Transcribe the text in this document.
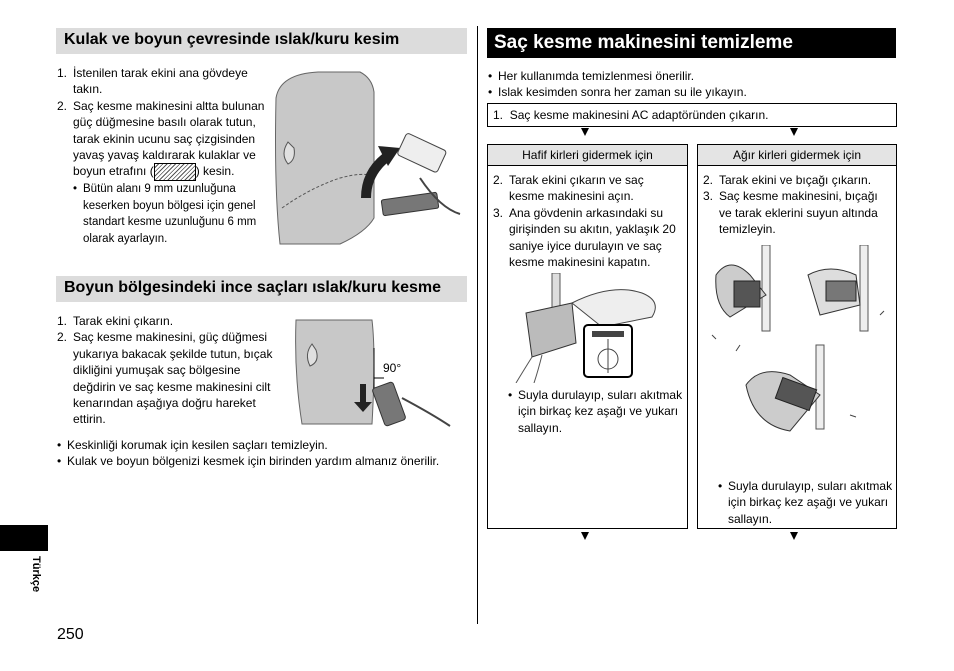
Kulak ve boyun çevresinde ıslak/kuru kesim
1. İstenilen tarak ekini ana gövdeye takın.
2. Saç kesme makinesini altta bulunan güç düğmesine basılı olarak tutun, tarak ekinin ucunu saç çizgisinden yavaş yavaş kaldırarak kulaklar ve boyun etrafını (	) kesin.
• Bütün alanı 9 mm uzunluğuna keserken boyun bölgesi için genel standart kesme uzunluğunu 6 mm olarak ayarlayın.
Boyun bölgesindeki ince saçları ıslak/kuru kesme
1. Tarak ekini çıkarın.
2. Saç kesme makinesini, güç düğmesi yukarıya bakacak şekilde tutun, bıçak dikliğini yumuşak saç bölgesine değdirin ve saç kesme makinesini cilt kenarından aşağıya doğru hareket ettirin.
90°
• Keskinliği korumak için kesilen saçları temizleyin.
• Kulak ve boyun bölgenizi kesmek için birinden yardım almanız önerilir.
Saç kesme makinesini temizleme
• Her kullanımda temizlenmesi önerilir.
• Islak kesimden sonra her zaman su ile yıkayın.
1. Saç kesme makinesini AC adaptöründen çıkarın.
Hafif kirleri gidermek için
2. Tarak ekini çıkarın ve saç kesme makinesini açın.
3. Ana gövdenin arkasındaki su girişinden su akıtın, yaklaşık 20 saniye iyice durulayın ve saç kesme makinesini kapatın.
• Suyla durulayıp, suları akıtmak için birkaç kez aşağı ve yukarı sallayın.
Ağır kirleri gidermek için
2. Tarak ekini ve bıçağı çıkarın.
3. Saç kesme makinesini, bıçağı ve tarak eklerini suyun altında temizleyin.
• Suyla durulayıp, suları akıtmak için birkaç kez aşağı ve yukarı sallayın.
Türkçe
250
